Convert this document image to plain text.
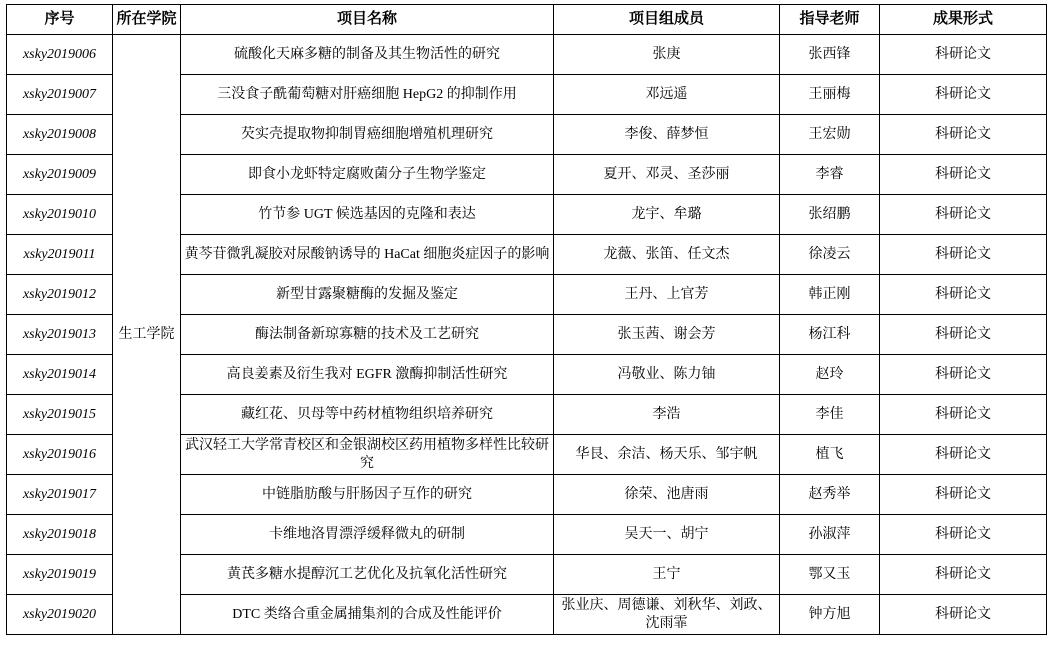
序号	所在学院	项目名称	项目组成员	指导老师	成果形式
xsky2019006	生工学院	硫酸化天麻多糖的制备及其生物活性的研究	张庚	张西锋	科研论文
xsky2019007		三没食子酰葡萄糖对肝癌细胞 HepG2 的抑制作用	邓远遥	王丽梅	科研论文
xsky2019008		芡实壳提取物抑制胃癌细胞增殖机理研究	李俊、薛梦恒	王宏勋	科研论文
xsky2019009		即食小龙虾特定腐败菌分子生物学鉴定	夏开、邓灵、圣莎丽	李睿	科研论文
xsky2019010		竹节参 UGT 候选基因的克隆和表达	龙宇、牟璐	张绍鹏	科研论文
xsky2019011		黄芩苷微乳凝胶对尿酸钠诱导的 HaCat 细胞炎症因子的影响	龙薇、张笛、任文杰	徐凌云	科研论文
xsky2019012		新型甘露聚糖酶的发掘及鉴定	王丹、上官芳	韩正刚	科研论文
xsky2019013		酶法制备新琼寡糖的技术及工艺研究	张玉茜、谢会芳	杨江科	科研论文
xsky2019014		高良姜素及衍生我对 EGFR 激酶抑制活性研究	冯敬业、陈力铀	赵玲	科研论文
xsky2019015		藏红花、贝母等中药材植物组织培养研究	李浩	李佳	科研论文
xsky2019016		武汉轻工大学常青校区和金银湖校区药用植物多样性比较研究	华艮、余洁、杨天乐、邹宇帆	植飞	科研论文
xsky2019017		中链脂肪酸与肝肠因子互作的研究	徐荣、池唐雨	赵秀举	科研论文
xsky2019018		卡维地洛胃漂浮缓释微丸的研制	吴天一、胡宁	孙淑萍	科研论文
xsky2019019		黄芪多糖水提醇沉工艺优化及抗氧化活性研究	王宁	鄂又玉	科研论文
xsky2019020		DTC 类络合重金属捕集剂的合成及性能评价	张业庆、周德谦、刘秋华、刘政、沈雨霏	钟方旭	科研论文
